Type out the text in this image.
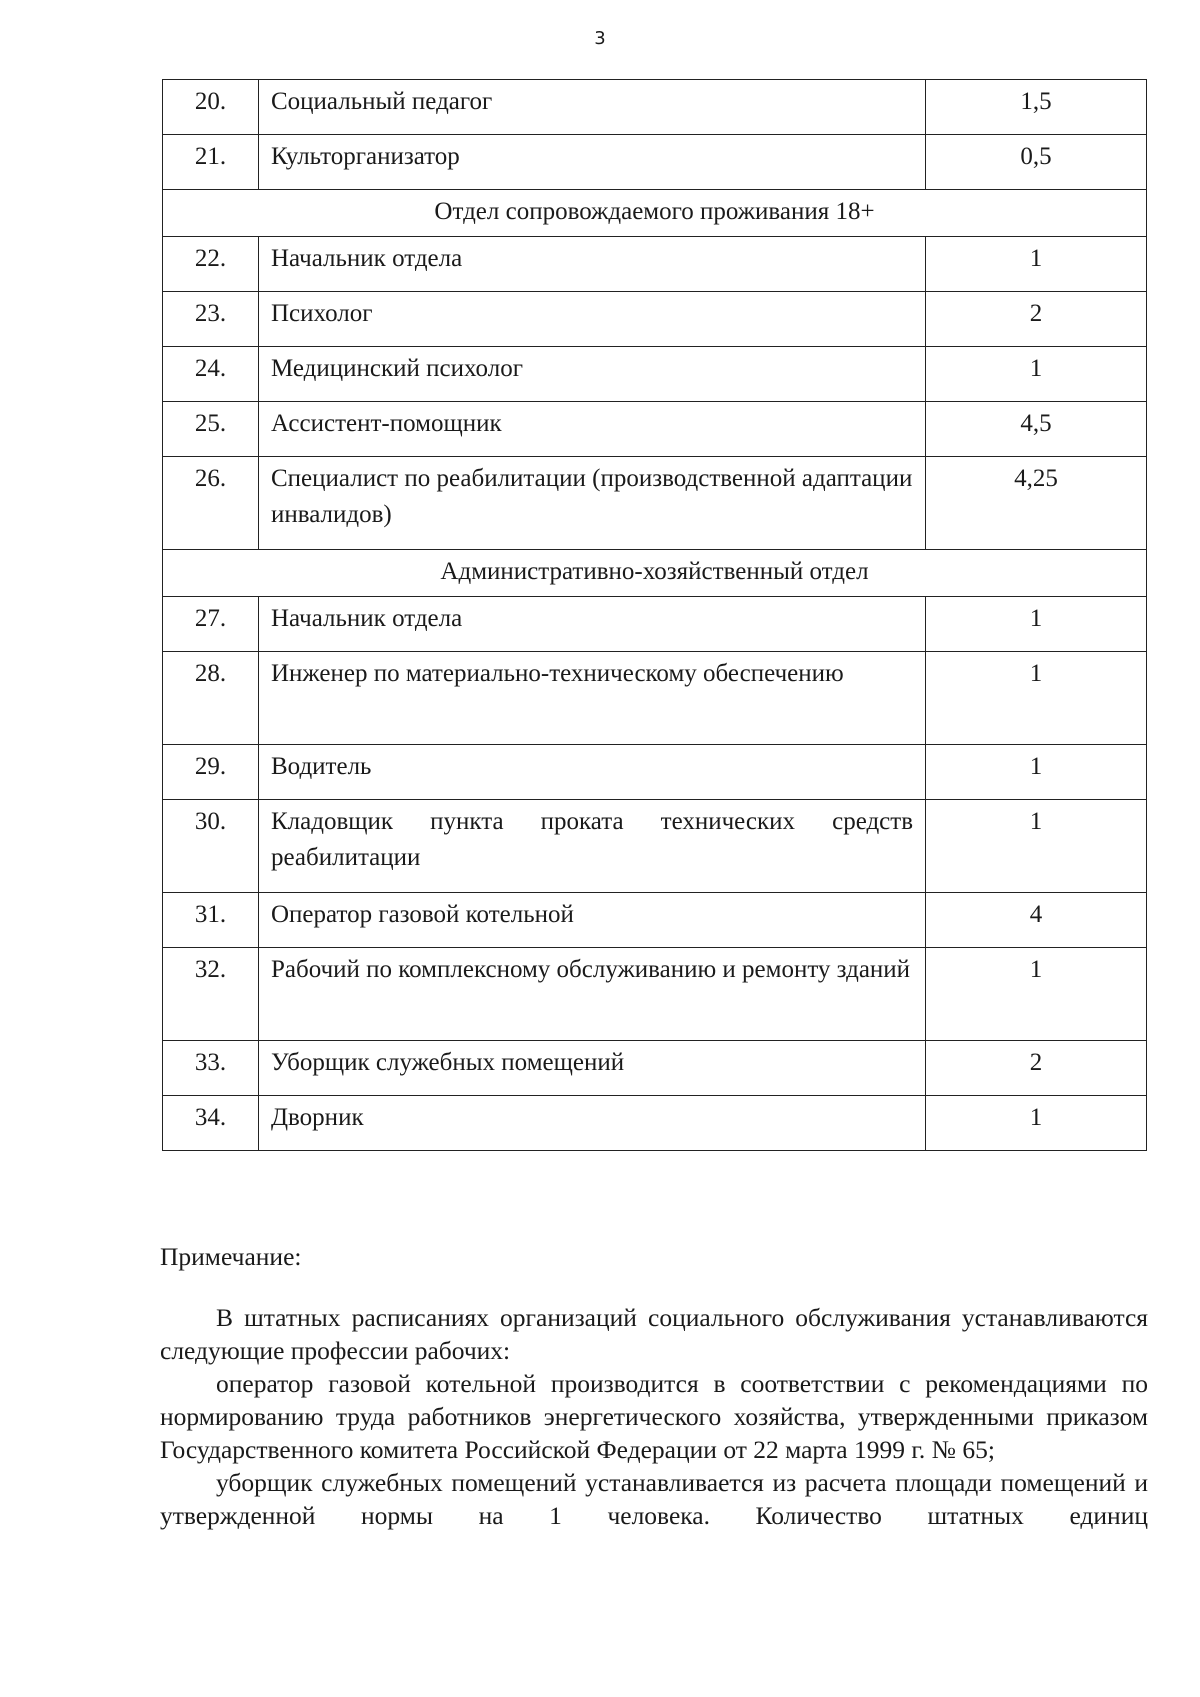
3
20.	Социальный педагог	1,5
21.	Культорганизатор	0,5
Отдел сопровождаемого проживания 18+		
22.	Начальник отдела	1
23.	Психолог	2
24.	Медицинский психолог	1
25.	Ассистент-помощник	4,5
26.	Специалист по реабилитации (производственной адаптации инвалидов)	4,25
Административно-хозяйственный отдел		
27.	Начальник отдела	1
28.	Инженер по материально-техническому обеспечению	1
29.	Водитель	1
30.	Кладовщик пункта проката технических средств реабилитации	1
31.	Оператор газовой котельной	4
32.	Рабочий по комплексному обслуживанию и ремонту зданий	1
33.	Уборщик служебных помещений	2
34.	Дворник	1

Примечание:

В штатных расписаниях организаций социального обслуживания устанавливаются следующие профессии рабочих:

оператор газовой котельной производится в соответствии с рекомендациями по нормированию труда работников энергетического хозяйства, утвержденными приказом Государственного комитета Российской Федерации от 22 марта 1999 г. № 65;

уборщик служебных помещений устанавливается из расчета площади помещений и утвержденной нормы на 1 человека. Количество штатных единиц
